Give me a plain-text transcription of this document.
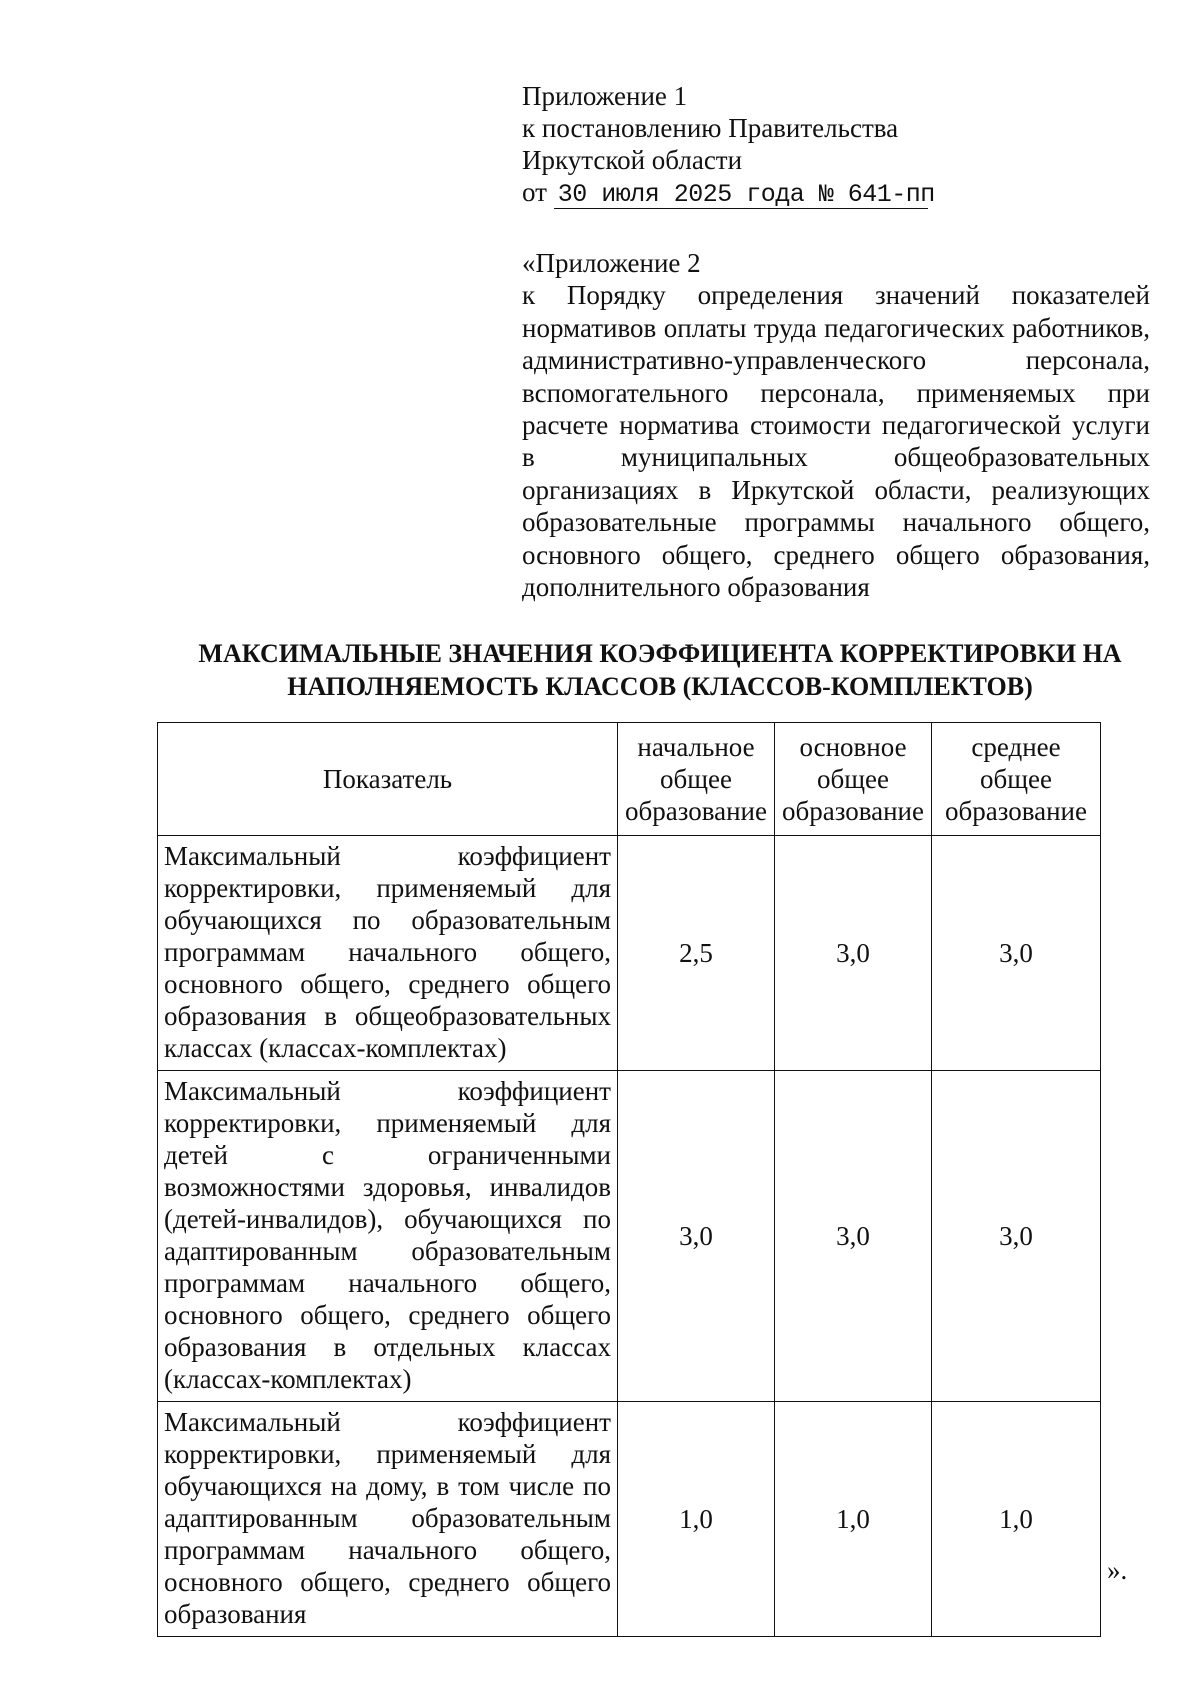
Приложение 1
к постановлению Правительства
Иркутской области
от 30 июля 2025 года № 641-пп
«Приложение 2
к Порядку определения значений показателей нормативов оплаты труда педагогических работников, административно-управленческого персонала, вспомогательного персонала, применяемых при расчете норматива стоимости педагогической услуги в муниципальных общеобразовательных организациях в Иркутской области, реализующих образовательные программы начального общего, основного общего, среднего общего образования, дополнительного образования
МАКСИМАЛЬНЫЕ ЗНАЧЕНИЯ КОЭФФИЦИЕНТА КОРРЕКТИРОВКИ НА
НАПОЛНЯЕМОСТЬ КЛАССОВ (КЛАССОВ-КОМПЛЕКТОВ)
Показатель	начальное общее образование	основное общее образование	среднее общее образование
Максимальный коэффициент корректировки, применяемый для обучающихся по образовательным программам начального общего, основного общего, среднего общего образования в общеобразовательных классах (классах-комплектах)	2,5	3,0	3,0
Максимальный коэффициент корректировки, применяемый для детей с ограниченными возможностями здоровья, инвалидов (детей-инвалидов), обучающихся по адаптированным образовательным программам начального общего, основного общего, среднего общего образования в отдельных классах (классах-комплектах)	3,0	3,0	3,0
Максимальный коэффициент корректировки, применяемый для обучающихся на дому, в том числе по адаптированным образовательным программам начального общего, основного общего, среднего общего образования	1,0	1,0	1,0
».
